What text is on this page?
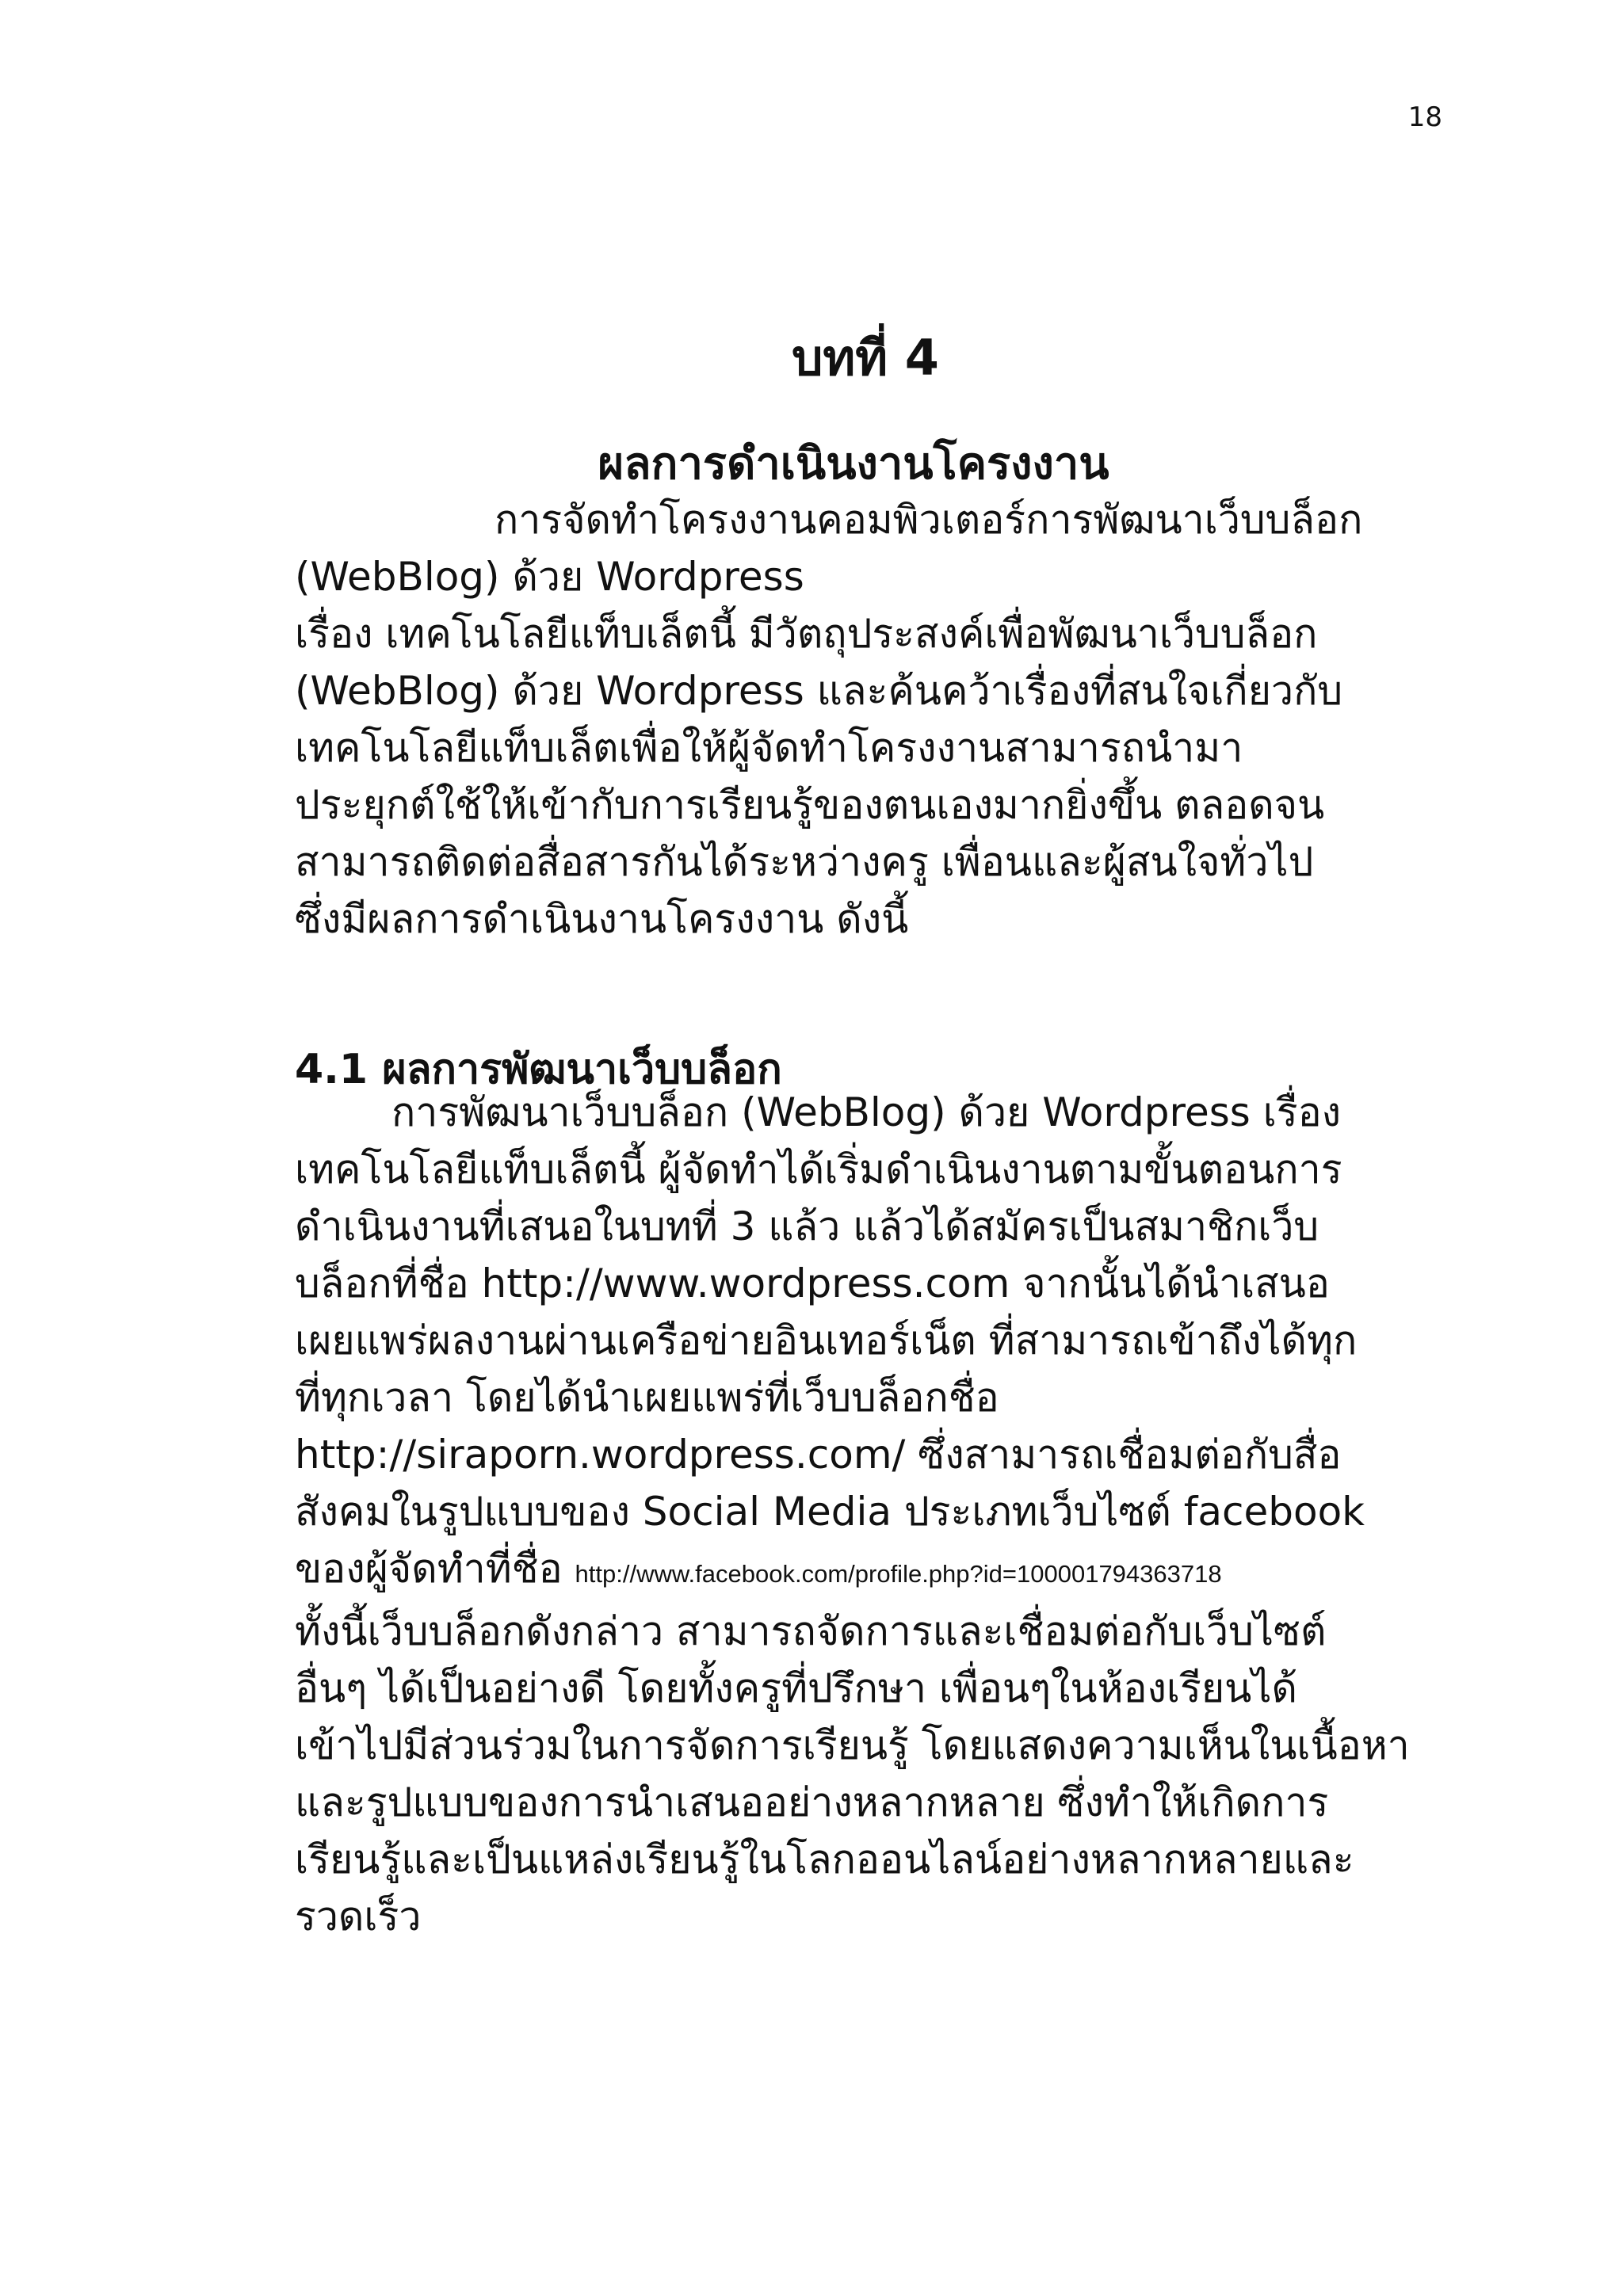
18
บทที่ 4
ผลการดำเนินงานโครงงาน
การจัดทำโครงงานคอมพิวเตอร์การพัฒนาเว็บบล็อก
(WebBlog) ด้วย Wordpress
เรื่อง เทคโนโลยีแท็บเล็ตนี้ มีวัตถุประสงค์เพื่อพัฒนาเว็บบล็อก
(WebBlog) ด้วย Wordpress และค้นคว้าเรื่องที่สนใจเกี่ยวกับ
เทคโนโลยีแท็บเล็ตเพื่อให้ผู้จัดทำโครงงานสามารถนำมา
ประยุกต์ใช้ให้เข้ากับการเรียนรู้ของตนเองมากยิ่งขึ้น ตลอดจน
สามารถติดต่อสื่อสารกันได้ระหว่างครู เพื่อนและผู้สนใจทั่วไป
ซึ่งมีผลการดำเนินงานโครงงาน ดังนี้
4.1 ผลการพัฒนาเว็บบล็อก
การพัฒนาเว็บบล็อก (WebBlog) ด้วย Wordpress เรื่อง
เทคโนโลยีแท็บเล็ตนี้ ผู้จัดทำได้เริ่มดำเนินงานตามขั้นตอนการ
ดำเนินงานที่เสนอในบทที่ 3 แล้ว แล้วได้สมัครเป็นสมาชิกเว็บ
บล็อกที่ชื่อ http://www.wordpress.com จากนั้นได้นำเสนอ
เผยแพร่ผลงานผ่านเครือข่ายอินเทอร์เน็ต ที่สามารถเข้าถึงได้ทุก
ที่ทุกเวลา โดยได้นำเผยแพร่ที่เว็บบล็อกชื่อ
http://siraporn.wordpress.com/ ซึ่งสามารถเชื่อมต่อกับสื่อ
สังคมในรูปแบบของ Social Media ประเภทเว็บไซต์ facebook
ของผู้จัดทำที่ชื่อ http://www.facebook.com/profile.php?id=100001794363718
ทั้งนี้เว็บบล็อกดังกล่าว สามารถจัดการและเชื่อมต่อกับเว็บไซต์
อื่นๆ ได้เป็นอย่างดี โดยทั้งครูที่ปรึกษา เพื่อนๆในห้องเรียนได้
เข้าไปมีส่วนร่วมในการจัดการเรียนรู้ โดยแสดงความเห็นในเนื้อหา
และรูปแบบของการนำเสนออย่างหลากหลาย ซึ่งทำให้เกิดการ
เรียนรู้และเป็นแหล่งเรียนรู้ในโลกออนไลน์อย่างหลากหลายและ
รวดเร็ว
